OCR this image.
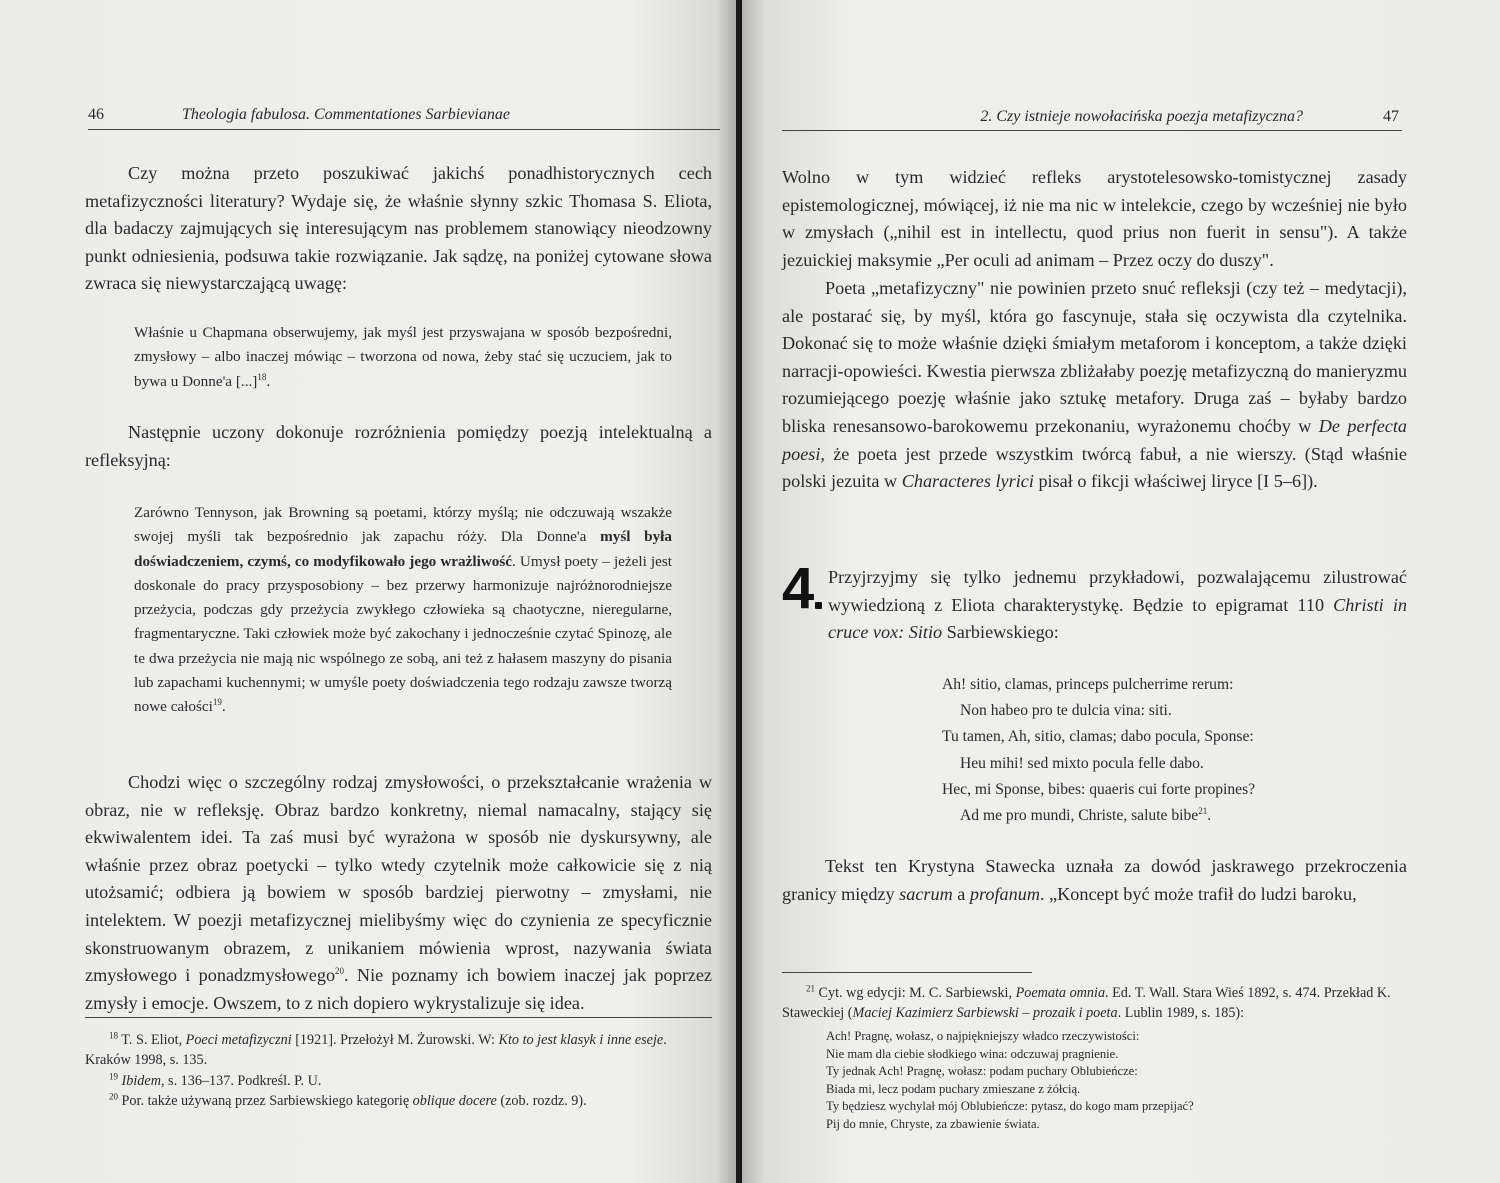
46	Theologia fabulosa. Commentationes Sarbievianae

Czy można przeto poszukiwać jakichś ponadhistorycznych cech metafizyczności literatury? Wydaje się, że właśnie słynny szkic Thomasa S. Eliota, dla badaczy zajmujących się interesującym nas problemem stanowiący nieodzowny punkt odniesienia, podsuwa takie rozwiązanie. Jak sądzę, na poniżej cytowane słowa zwraca się niewystarczającą uwagę:

Właśnie u Chapmana obserwujemy, jak myśl jest przyswajana w sposób bezpośredni, zmysłowy – albo inaczej mówiąc – tworzona od nowa, żeby stać się uczuciem, jak to bywa u Donne'a [...]$^{18}$.

Następnie uczony dokonuje rozróżnienia pomiędzy poezją intelektualną a refleksyjną:

Zarówno Tennyson, jak Browning są poetami, którzy myślą; nie odczuwają wszakże swojej myśli tak bezpośrednio jak zapachu róży. Dla Donne'a myśl była doświadczeniem, czymś, co modyfikowało jego wrażliwość. Umysł poety – jeżeli jest doskonale do pracy przysposobiony – bez przerwy harmonizuje najróżnorodniejsze przeżycia, podczas gdy przeżycia zwykłego człowieka są chaotyczne, nieregularne, fragmentaryczne. Taki człowiek może być zakochany i jednocześnie czytać Spinozę, ale te dwa przeżycia nie mają nic wspólnego ze sobą, ani też z hałasem maszyny do pisania lub zapachami kuchennymi; w umyśle poety doświadczenia tego rodzaju zawsze tworzą nowe całości$^{19}$.

Chodzi więc o szczególny rodzaj zmysłowości, o przekształcanie wrażenia w obraz, nie w refleksję. Obraz bardzo konkretny, niemal namacalny, stający się ekwiwalentem idei. Ta zaś musi być wyrażona w sposób nie dyskursywny, ale właśnie przez obraz poetycki – tylko wtedy czytelnik może całkowicie się z nią utożsamić; odbiera ją bowiem w sposób bardziej pierwotny – zmysłami, nie intelektem. W poezji metafizycznej mielibyśmy więc do czynienia ze specyficznie skonstruowanym obrazem, z unikaniem mówienia wprost, nazywania świata zmysłowego i ponadzmysłowego$^{20}$. Nie poznamy ich bowiem inaczej jak poprzez zmysły i emocje. Owszem, to z nich dopiero wykrystalizuje się idea.

$^{18}$ T. S. Eliot, Poeci metafizyczni [1921]. Przełożył M. Żurowski. W: Kto to jest klasyk i inne eseje. Kraków 1998, s. 135.

$^{19}$ Ibidem, s. 136–137. Podkreśl. P. U.

$^{20}$ Por. także używaną przez Sarbiewskiego kategorię oblique docere (zob. rozdz. 9).

2. Czy istnieje nowołacińska poezja metafizyczna?	47

Wolno w tym widzieć refleks arystotelesowsko-tomistycznej zasady epistemologicznej, mówiącej, iż nie ma nic w intelekcie, czego by wcześniej nie było w zmysłach („nihil est in intellectu, quod prius non fuerit in sensu"). A także jezuickiej maksymie „Per oculi ad animam – Przez oczy do duszy".

Poeta „metafizyczny" nie powinien przeto snuć refleksji (czy też – medytacji), ale postarać się, by myśl, która go fascynuje, stała się oczywista dla czytelnika. Dokonać się to może właśnie dzięki śmiałym metaforom i konceptom, a także dzięki narracji-opowieści. Kwestia pierwsza zbliżałaby poezję metafizyczną do manieryzmu rozumiejącego poezję właśnie jako sztukę metafory. Druga zaś – byłaby bardzo bliska renesansowo-barokowemu przekonaniu, wyrażonemu choćby w De perfecta poesi, że poeta jest przede wszystkim twórcą fabuł, a nie wierszy. (Stąd właśnie polski jezuita w Characteres lyrici pisał o fikcji właściwej liryce [I 5–6]).

4 Przyjrzyjmy się tylko jednemu przykładowi, pozwalającemu zilustrować wywiedzioną z Eliota charakterystykę. Będzie to epigramat 110 Christi in cruce vox: Sitio Sarbiewskiego:

Ah! sitio, clamas, princeps pulcherrime rerum:
Non habeo pro te dulcia vina: siti.
Tu tamen, Ah, sitio, clamas; dabo pocula, Sponse:
Heu mihi! sed mixto pocula felle dabo.
Hec, mi Sponse, bibes: quaeris cui forte propines?
Ad me pro mundi, Christe, salute bibe$^{21}$.

Tekst ten Krystyna Stawecka uznała za dowód jaskrawego przekroczenia granicy między sacrum a profanum. „Koncept być może trafił do ludzi baroku,

$^{21}$ Cyt. wg edycji: M. C. Sarbiewski, Poemata omnia. Ed. T. Wall. Stara Wieś 1892, s. 474. Przekład K. Staweckiej (Maciej Kazimierz Sarbiewski – prozaik i poeta. Lublin 1989, s. 185):

Ach! Pragnę, wołasz, o najpiękniejszy władco rzeczywistości:
Nie mam dla ciebie słodkiego wina: odczuwaj pragnienie.
Ty jednak Ach! Pragnę, wołasz: podam puchary Oblubieńcze:
Biada mi, lecz podam puchary zmieszane z żółcią.
Ty będziesz wychylał mój Oblubieńcze: pytasz, do kogo mam przepijać?
Pij do mnie, Chryste, za zbawienie świata.
